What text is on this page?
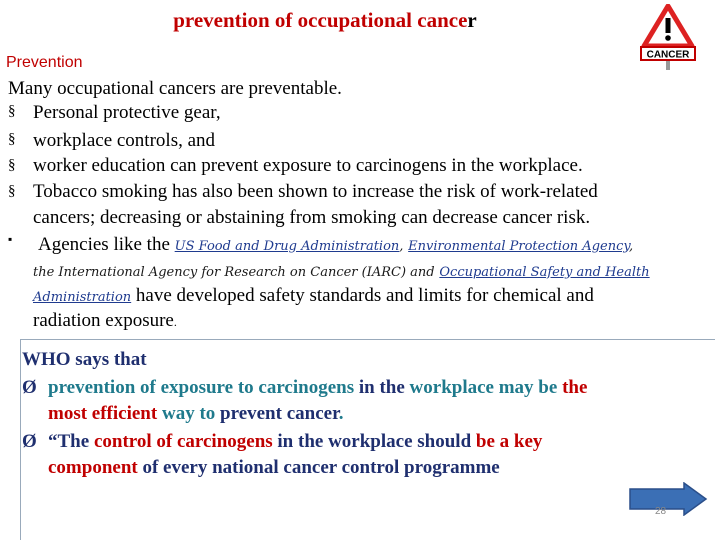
prevention of occupational cancer
CANCER
Prevention
Many occupational cancers are preventable.
§ Personal protective gear,
§ workplace controls, and
§ worker education can prevent exposure to carcinogens in the workplace.
§ Tobacco smoking has also been shown to increase the risk of work-related
cancers; decreasing or abstaining from smoking can decrease cancer risk.
▪ Agencies like the US Food and Drug Administration, Environmental Protection Agency,
the International Agency for Research on Cancer (IARC) and Occupational Safety and Health
Administration have developed safety standards and limits for chemical and
radiation exposure.
WHO says that
Ø prevention of exposure to carcinogens in the workplace may be the
most efficient way to prevent cancer.
Ø “The control of carcinogens in the workplace should be a key
component of every national cancer control programme
28
